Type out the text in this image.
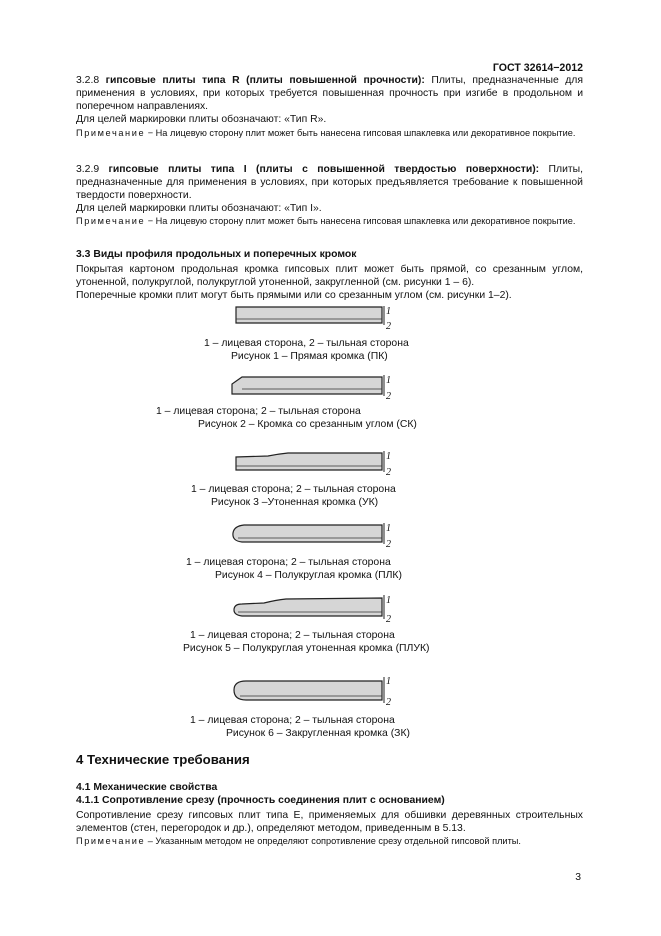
ГОСТ 32614−2012
3.2.8 гипсовые плиты типа R (плиты повышенной прочности): Плиты, предназначенные для применения в условиях, при которых требуется повышенная прочность при изгибе в продольном и поперечном направлениях.
Для целей маркировки плиты обозначают: «Тип R».
Примечание − На лицевую сторону плит может быть нанесена гипсовая шпаклевка или декоративное покрытие.
3.2.9 гипсовые плиты типа I (плиты с повышенной твердостью поверхности): Плиты, предназначенные для применения в условиях, при которых предъявляется требование к повышенной твердости поверхности.
Для целей маркировки плиты обозначают: «Тип I».
Примечание − На лицевую сторону плит может быть нанесена гипсовая шпаклевка или декоративное покрытие.
3.3 Виды профиля продольных и поперечных кромок
Покрытая картоном продольная кромка гипсовых плит может быть прямой, со срезанным углом, утоненной, полукруглой, полукруглой утоненной, закругленной (см. рисунки 1 – 6).
Поперечные кромки плит могут быть прямыми или со срезанным углом (см. рисунки 1–2).
1
2
1 – лицевая сторона, 2 – тыльная сторона
Рисунок 1 – Прямая кромка (ПК)
1
2
1 – лицевая сторона; 2 – тыльная сторона
Рисунок 2 – Кромка со срезанным углом (СК)
1
2
1 – лицевая сторона; 2 – тыльная сторона
Рисунок 3 –Утоненная кромка (УК)
1
2
1 – лицевая сторона; 2 – тыльная сторона
Рисунок 4 – Полукруглая кромка (ПЛК)
1
2
1 – лицевая сторона; 2 – тыльная сторона
Рисунок 5 – Полукруглая утоненная кромка (ПЛУК)
1
2
1 – лицевая сторона; 2 – тыльная сторона
Рисунок 6 – Закругленная кромка (ЗК)
4 Технические требования
4.1 Механические свойства
4.1.1 Сопротивление срезу (прочность соединения плит с основанием)
Сопротивление срезу гипсовых плит типа Е, применяемых для обшивки деревянных строительных элементов (стен, перегородок и др.), определяют методом, приведенным в 5.13.
Примечание – Указанным методом не определяют сопротивление срезу отдельной гипсовой плиты.
3
